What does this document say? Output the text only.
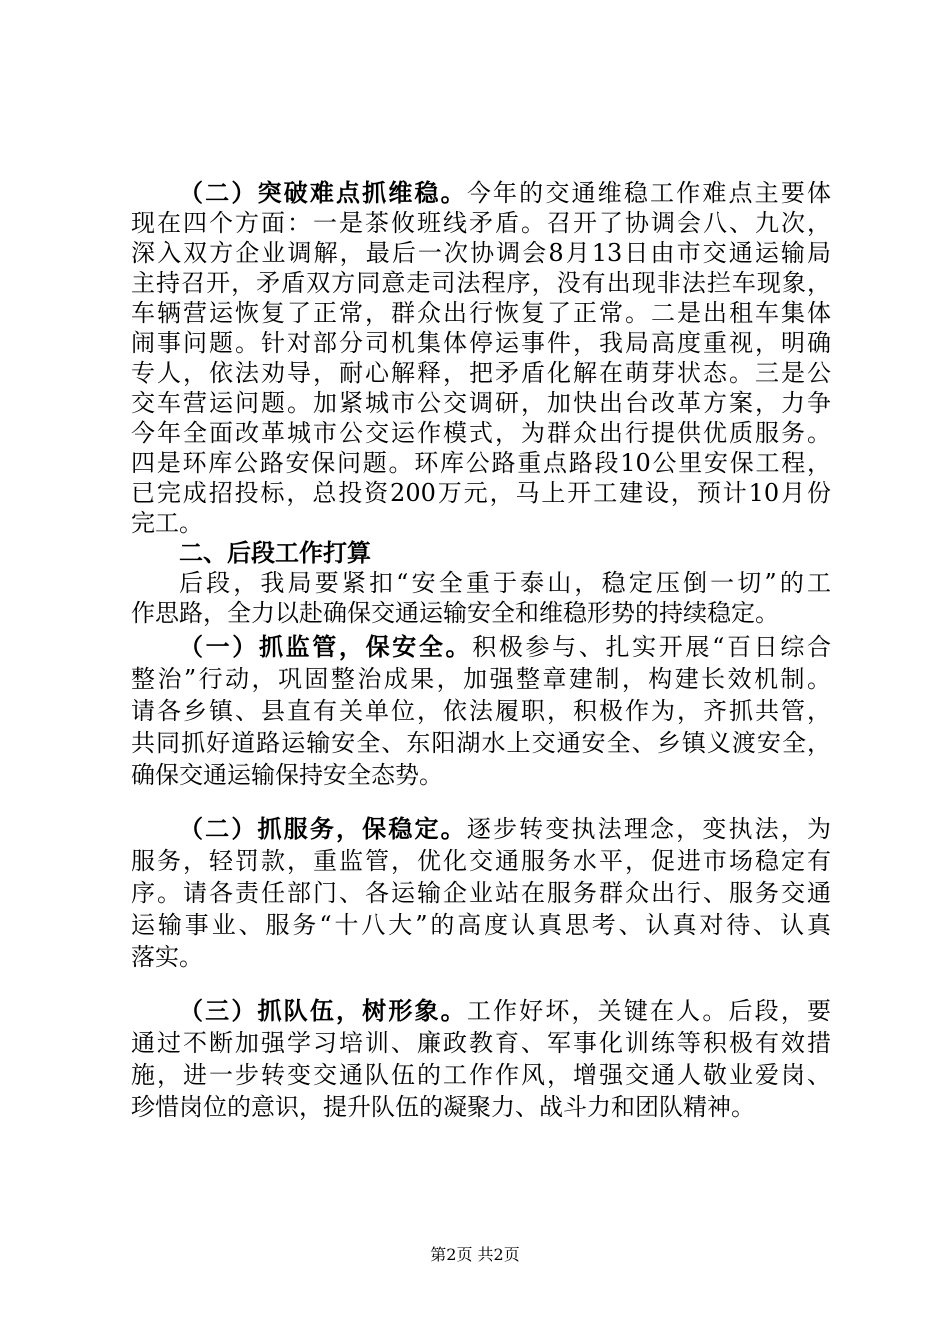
（二）突破难点抓维稳。今年的交通维稳工作难点主要体
现在四个方面：一是茶攸班线矛盾。召开了协调会八、九次，
深入双方企业调解，最后一次协调会8月13日由市交通运输局
主持召开，矛盾双方同意走司法程序，没有出现非法拦车现象，
车辆营运恢复了正常，群众出行恢复了正常。二是出租车集体
闹事问题。针对部分司机集体停运事件，我局高度重视，明确
专人，依法劝导，耐心解释，把矛盾化解在萌芽状态。三是公
交车营运问题。加紧城市公交调研，加快出台改革方案，力争
今年全面改革城市公交运作模式，为群众出行提供优质服务。
四是环库公路安保问题。环库公路重点路段10公里安保工程，
已完成招投标，总投资200万元，马上开工建设，预计10月份
完工。
二、后段工作打算
后段，我局要紧扣“安全重于泰山，稳定压倒一切”的工
作思路，全力以赴确保交通运输安全和维稳形势的持续稳定。
（一）抓监管，保安全。积极参与、扎实开展“百日综合
整治”行动，巩固整治成果，加强整章建制，构建长效机制。
请各乡镇、县直有关单位，依法履职，积极作为，齐抓共管，
共同抓好道路运输安全、东阳湖水上交通安全、乡镇义渡安全，
确保交通运输保持安全态势。
（二）抓服务，保稳定。逐步转变执法理念，变执法，为
服务，轻罚款，重监管，优化交通服务水平，促进市场稳定有
序。请各责任部门、各运输企业站在服务群众出行、服务交通
运输事业、服务“十八大”的高度认真思考、认真对待、认真
落实。
（三）抓队伍，树形象。工作好坏，关键在人。后段，要
通过不断加强学习培训、廉政教育、军事化训练等积极有效措
施，进一步转变交通队伍的工作作风，增强交通人敬业爱岗、
珍惜岗位的意识，提升队伍的凝聚力、战斗力和团队精神。
第2页 共2页
